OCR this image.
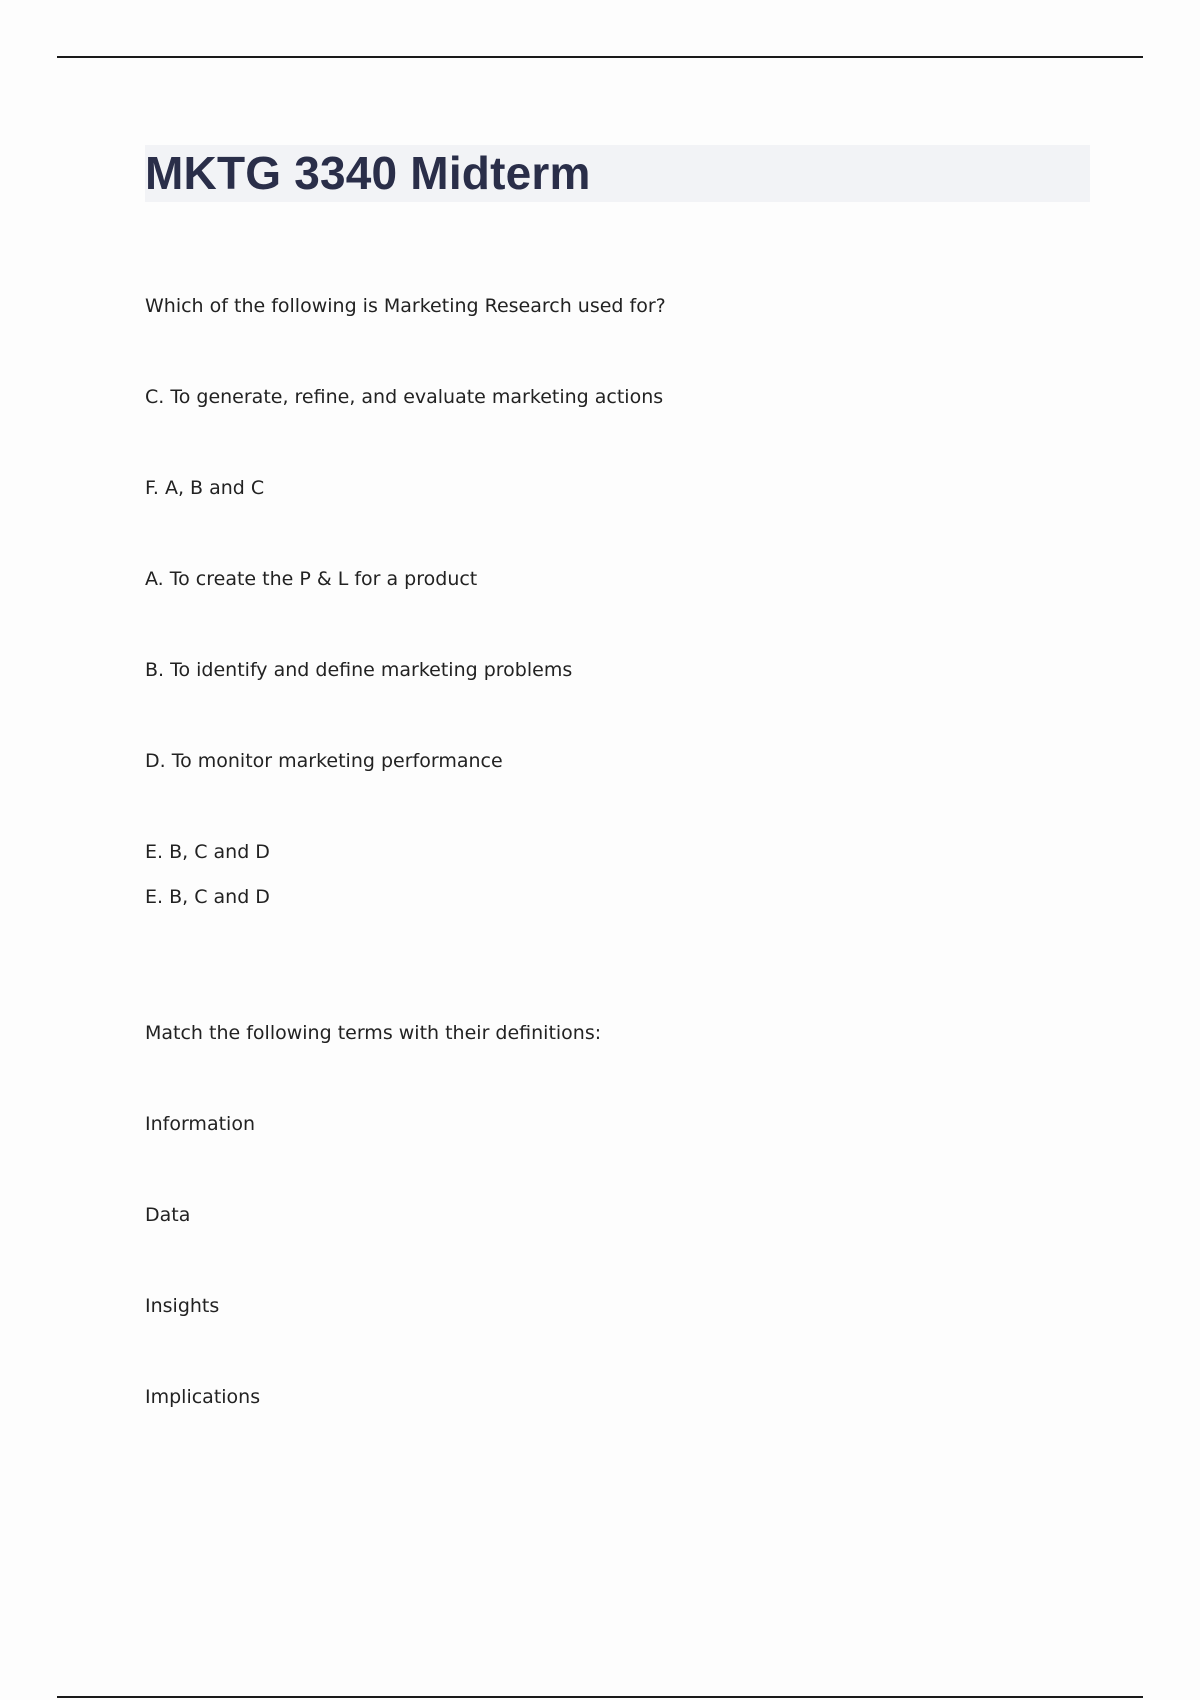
MKTG 3340 Midterm
Which of the following is Marketing Research used for?
C. To generate, refine, and evaluate marketing actions
F. A, B and C
A. To create the P & L for a product
B. To identify and define marketing problems
D. To monitor marketing performance
E. B, C and D
E. B, C and D
Match the following terms with their definitions:
Information
Data
Insights
Implications
